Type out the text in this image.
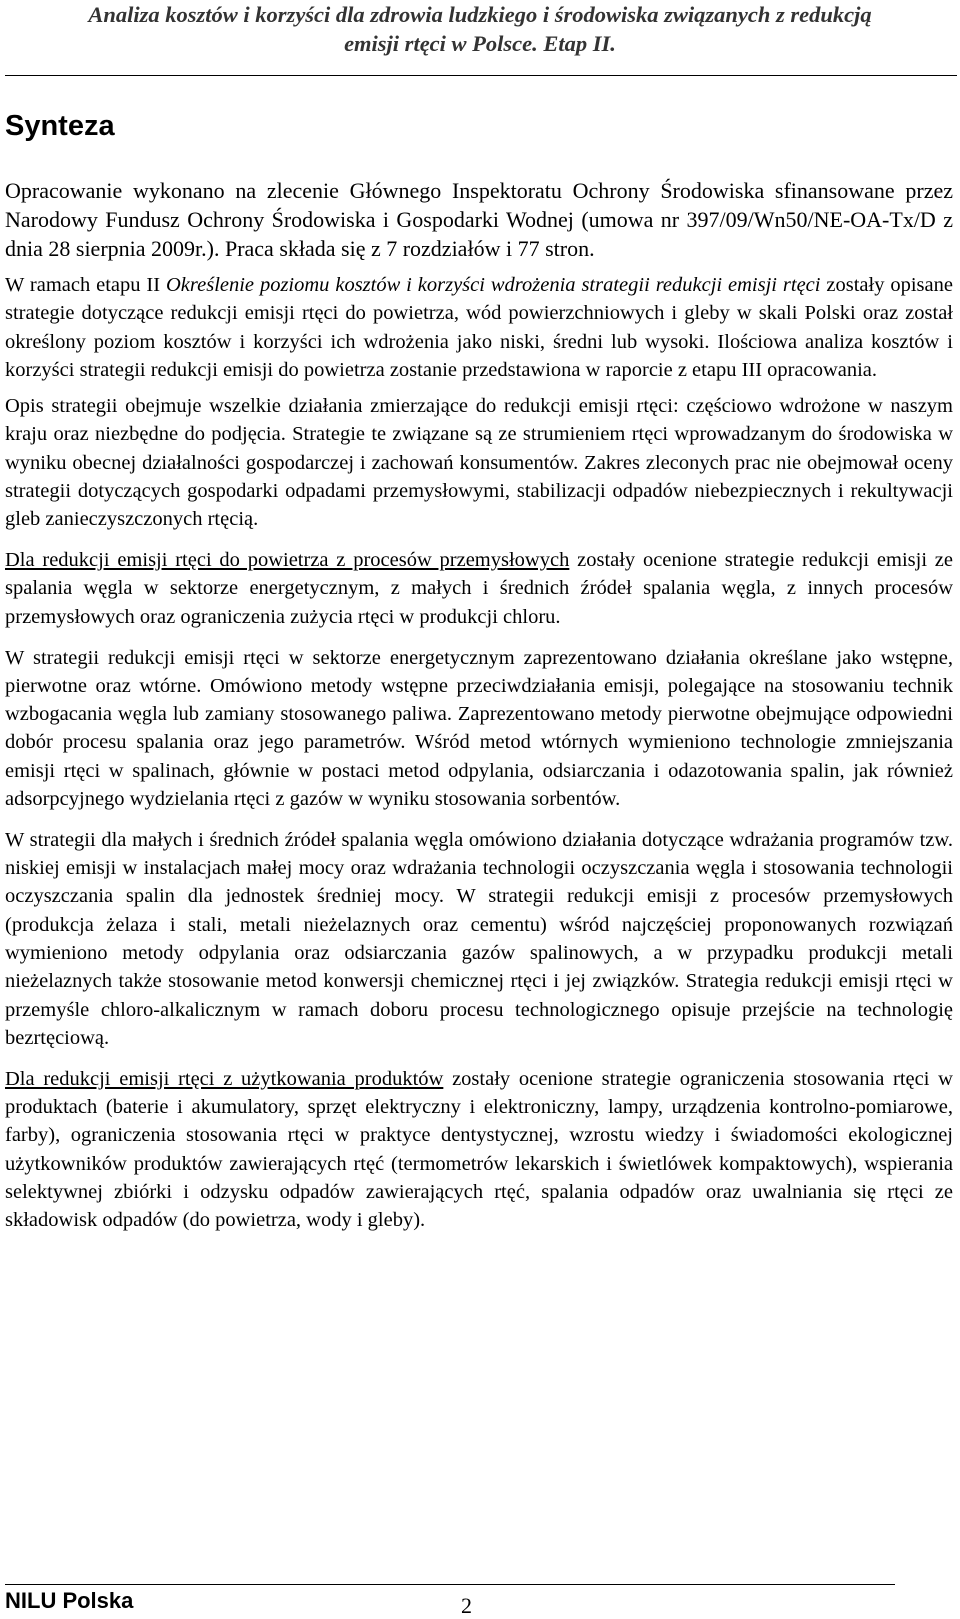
Analiza kosztów i korzyści dla zdrowia ludzkiego i środowiska związanych z redukcją
emisji rtęci w Polsce. Etap II.
Synteza

Opracowanie wykonano na zlecenie Głównego Inspektoratu Ochrony Środowiska sfinansowane przez Narodowy Fundusz Ochrony Środowiska i Gospodarki Wodnej (umowa nr 397/09/Wn50/NE-OA-Tx/D z dnia 28 sierpnia 2009r.). Praca składa się z 7 rozdziałów i 77 stron.

W ramach etapu II Określenie poziomu kosztów i korzyści wdrożenia strategii redukcji emisji rtęci zostały opisane strategie dotyczące redukcji emisji rtęci do powietrza, wód powierzchniowych i gleby w skali Polski oraz został określony poziom kosztów i korzyści ich wdrożenia jako niski, średni lub wysoki. Ilościowa analiza kosztów i korzyści strategii redukcji emisji do powietrza zostanie przedstawiona w raporcie z etapu III opracowania.

Opis strategii obejmuje wszelkie działania zmierzające do redukcji emisji rtęci: częściowo wdrożone w naszym kraju oraz niezbędne do podjęcia. Strategie te związane są ze strumieniem rtęci wprowadzanym do środowiska w wyniku obecnej działalności gospodarczej i zachowań konsumentów. Zakres zleconych prac nie obejmował oceny strategii dotyczących gospodarki odpadami przemysłowymi, stabilizacji odpadów niebezpiecznych i rekultywacji gleb zanieczyszczonych rtęcią.

Dla redukcji emisji rtęci do powietrza z procesów przemysłowych zostały ocenione strategie redukcji emisji ze spalania węgla w sektorze energetycznym, z małych i średnich źródeł spalania węgla, z innych procesów przemysłowych oraz ograniczenia zużycia rtęci w produkcji chloru.

W strategii redukcji emisji rtęci w sektorze energetycznym zaprezentowano działania określane jako wstępne, pierwotne oraz wtórne. Omówiono metody wstępne przeciwdziałania emisji, polegające na stosowaniu technik wzbogacania węgla lub zamiany stosowanego paliwa. Zaprezentowano metody pierwotne obejmujące odpowiedni dobór procesu spalania oraz jego parametrów. Wśród metod wtórnych wymieniono technologie zmniejszania emisji rtęci w spalinach, głównie w postaci metod odpylania, odsiarczania i odazotowania spalin, jak również adsorpcyjnego wydzielania rtęci z gazów w wyniku stosowania sorbentów.

W strategii dla małych i średnich źródeł spalania węgla omówiono działania dotyczące wdrażania programów tzw. niskiej emisji w instalacjach małej mocy oraz wdrażania technologii oczyszczania węgla i stosowania technologii oczyszczania spalin dla jednostek średniej mocy. W strategii redukcji emisji z procesów przemysłowych (produkcja żelaza i stali, metali nieżelaznych oraz cementu) wśród najczęściej proponowanych rozwiązań wymieniono metody odpylania oraz odsiarczania gazów spalinowych, a w przypadku produkcji metali nieżelaznych także stosowanie metod konwersji chemicznej rtęci i jej związków. Strategia redukcji emisji rtęci w przemyśle chloro-alkalicznym w ramach doboru procesu technologicznego opisuje przejście na technologię bezrtęciową.

Dla redukcji emisji rtęci z użytkowania produktów zostały ocenione strategie ograniczenia stosowania rtęci w produktach (baterie i akumulatory, sprzęt elektryczny i elektroniczny, lampy, urządzenia kontrolno-pomiarowe, farby), ograniczenia stosowania rtęci w praktyce dentystycznej, wzrostu wiedzy i świadomości ekologicznej użytkowników produktów zawierających rtęć (termometrów lekarskich i świetlówek kompaktowych), wspierania selektywnej zbiórki i odzysku odpadów zawierających rtęć, spalania odpadów oraz uwalniania się rtęci ze składowisk odpadów (do powietrza, wody i gleby).

NILU Polska	2
